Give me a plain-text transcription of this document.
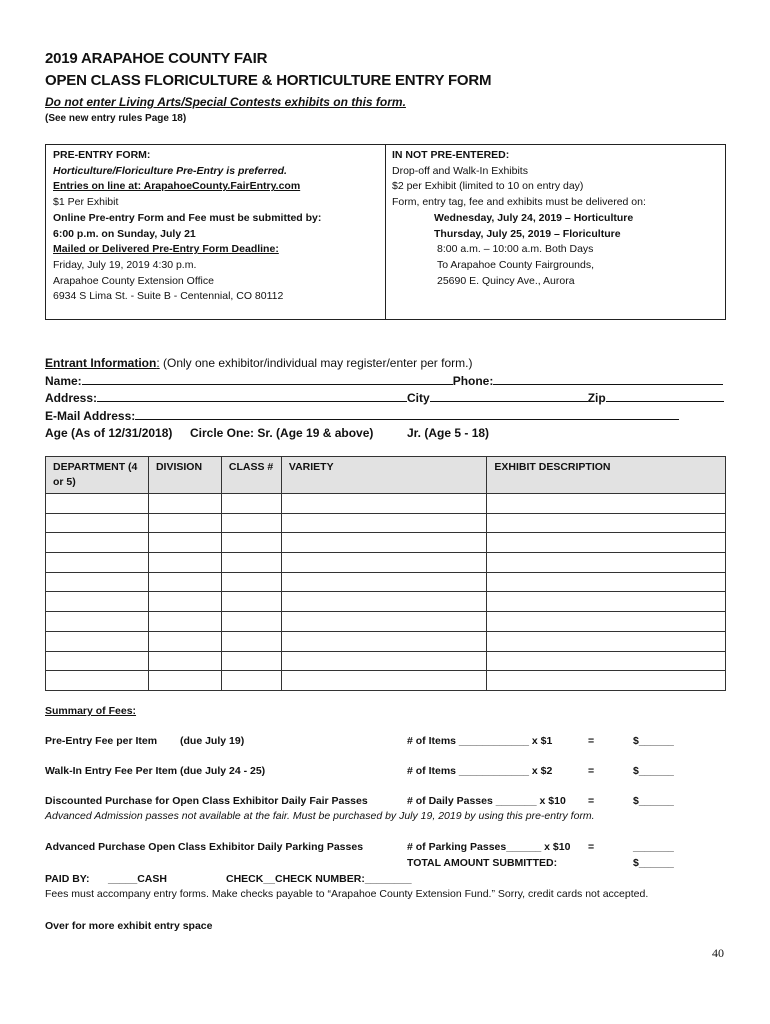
2019 ARAPAHOE COUNTY FAIR
OPEN CLASS FLORICULTURE & HORTICULTURE ENTRY FORM
Do not enter Living Arts/Special Contests exhibits on this form.
(See new entry rules Page 18)
PRE-ENTRY FORM:
Horticulture/Floriculture Pre-Entry is preferred.
Entries on line at: ArapahoeCounty.FairEntry.com
$1 Per Exhibit
Online Pre-entry Form and Fee must be submitted by:
6:00 p.m. on Sunday, July 21
Mailed or Delivered Pre-Entry Form Deadline:
Friday, July 19, 2019 4:30 p.m.
Arapahoe County Extension Office
6934 S Lima St. - Suite B - Centennial, CO 80112
IN NOT PRE-ENTERED:
Drop-off and Walk-In Exhibits
$2 per Exhibit (limited to 10 on entry day)
Form, entry tag, fee and exhibits must be delivered on:
Wednesday, July 24, 2019 – Horticulture
Thursday, July 25, 2019 – Floriculture
8:00 a.m. – 10:00 a.m. Both Days
To Arapahoe County Fairgrounds,
25690 E. Quincy Ave., Aurora
Entrant Information: (Only one exhibitor/individual may register/enter per form.)
Name:	Phone:
Address:	City	Zip
E-Mail Address:
Age (As of 12/31/2018) Circle One: Sr. (Age 19 & above)	Jr. (Age 5 - 18)
DEPARTMENT (4 or 5)	DIVISION	CLASS #	VARIETY	EXHIBIT DESCRIPTION

Summary of Fees:
Pre-Entry Fee per Item (due July 19)	# of Items ____________ x $1	=	$______
Walk-In Entry Fee Per Item (due July 24 - 25)	# of Items ____________ x $2	=	$______
Discounted Purchase for Open Class Exhibitor Daily Fair Passes	# of Daily Passes _______ x $10 =	$______
Advanced Admission passes not available at the fair. Must be purchased by July 19, 2019 by using this pre-entry form.
Advanced Purchase Open Class Exhibitor Daily Parking Passes	# of Parking Passes______ x $10 =	_______
TOTAL AMOUNT SUBMITTED:	$______
PAID BY: _____CASH	CHECK__CHECK NUMBER:________
Fees must accompany entry forms. Make checks payable to “Arapahoe County Extension Fund.” Sorry, credit cards not accepted.
Over for more exhibit entry space
40
